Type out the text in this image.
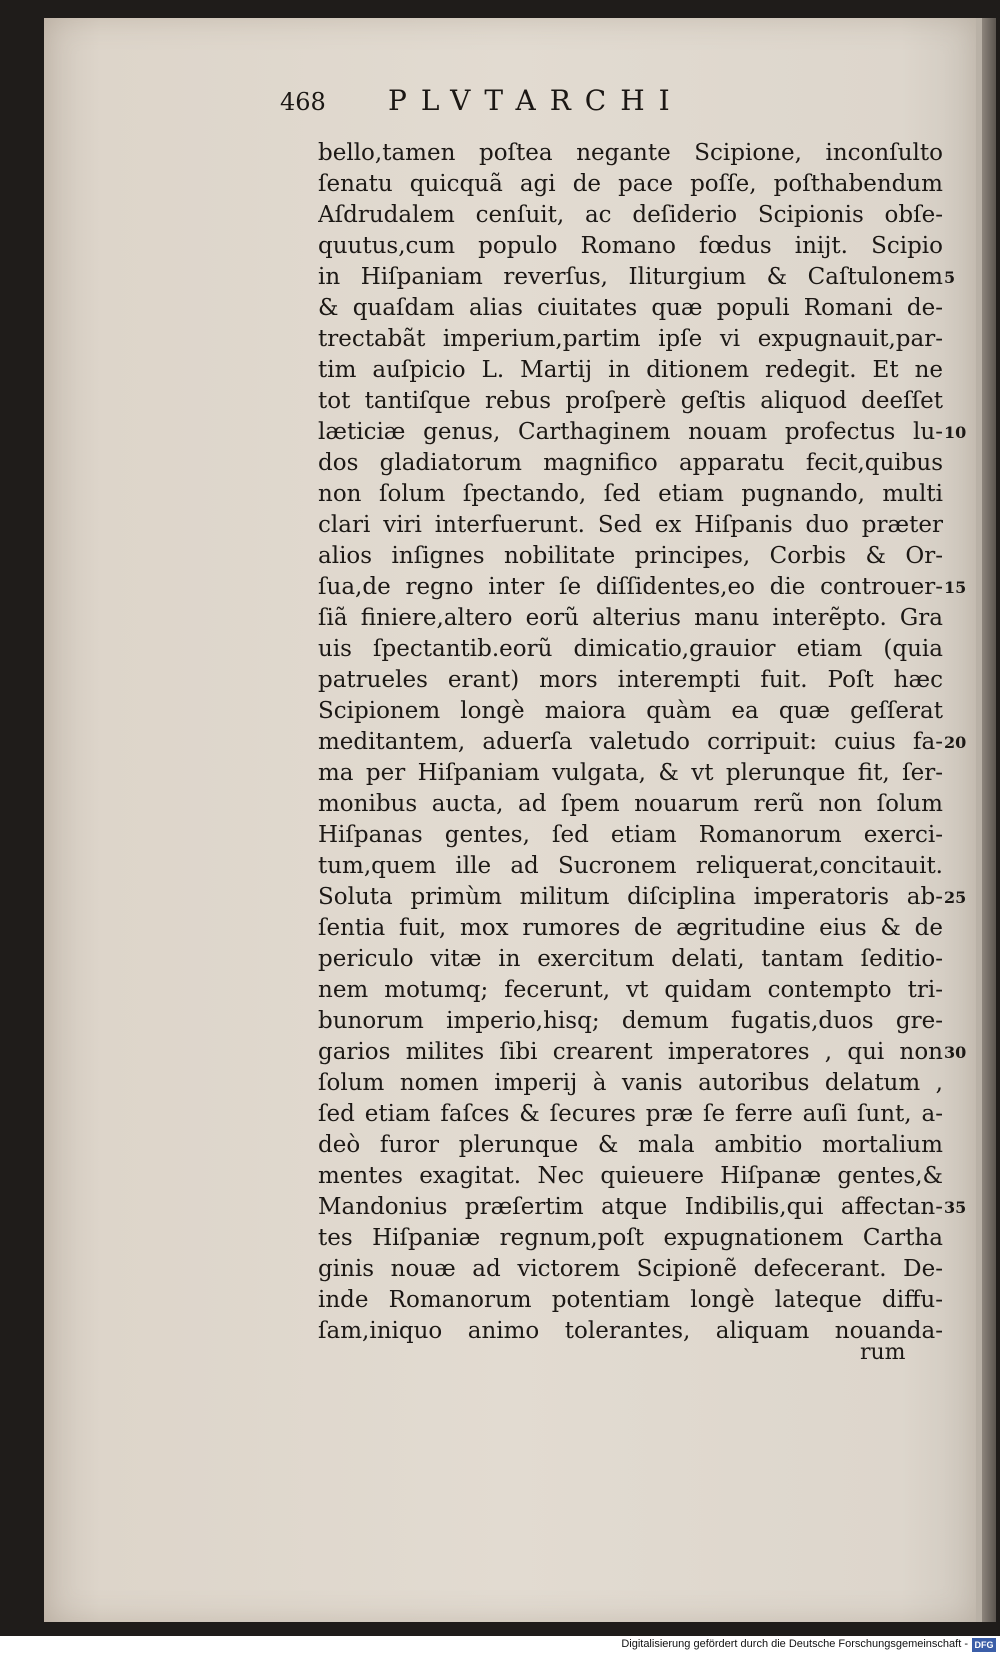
468 PLVTARCHI
bello,tamen poſtea negante Scipione, inconſulto
ſenatu quicquã agi de pace poſſe, poſthabendum
Aſdrudalem cenſuit, ac deſiderio Scipionis obſe-
quutus,cum populo Romano fœdus inijt. Scipio
in Hiſpaniam reverſus, Iliturgium & Caſtulonem
& quaſdam alias ciuitates quæ populi Romani de-
trectabãt imperium,partim ipſe vi expugnauit,par-
tim auſpicio L. Martij in ditionem redegit. Et ne
tot tantiſque rebus proſperè geſtis aliquod deeſſet
læticiæ genus, Carthaginem nouam profectus lu-
dos gladiatorum magnifico apparatu fecit,quibus
non ſolum ſpectando, ſed etiam pugnando, multi
clari viri interfuerunt. Sed ex Hiſpanis duo præter
alios inſignes nobilitate principes, Corbis & Or-
ſua,de regno inter ſe diſſidentes,eo die controuer-
ſiã finiere,altero eorũ alterius manu interẽpto. Gra
uis ſpectantib.eorũ dimicatio,grauior etiam (quia
patrueles erant) mors interempti fuit. Poſt hæc
Scipionem longè maiora quàm ea quæ geſſerat
meditantem, aduerſa valetudo corripuit: cuius fa-
ma per Hiſpaniam vulgata, & vt plerunque fit, ſer-
monibus aucta, ad ſpem nouarum rerũ non ſolum
Hiſpanas gentes, ſed etiam Romanorum exerci-
tum,quem ille ad Sucronem reliquerat,concitauit.
Soluta primùm militum diſciplina imperatoris ab-
ſentia fuit, mox rumores de ægritudine eius & de
periculo vitæ in exercitum delati, tantam ſeditio-
nem motumq; fecerunt, vt quidam contempto tri-
bunorum imperio,hisq; demum fugatis,duos gre-
garios milites ſibi crearent imperatores , qui non
ſolum nomen imperij à vanis autoribus delatum ,
ſed etiam faſces & ſecures præ ſe ferre auſi ſunt, a-
deò furor plerunque & mala ambitio mortalium
mentes exagitat. Nec quieuere Hiſpanæ gentes,&
Mandonius præſertim atque Indibilis,qui affectan-
tes Hiſpaniæ regnum,poſt expugnationem Cartha
ginis nouæ ad victorem Scipionẽ defecerant. De-
inde Romanorum potentiam longè lateque diffu-
ſam,iniquo animo tolerantes, aliquam nouanda-
5
10
15
20
25
30
35
rum
Digitalisierung gefördert durch die Deutsche Forschungsgemeinschaft - DFG
